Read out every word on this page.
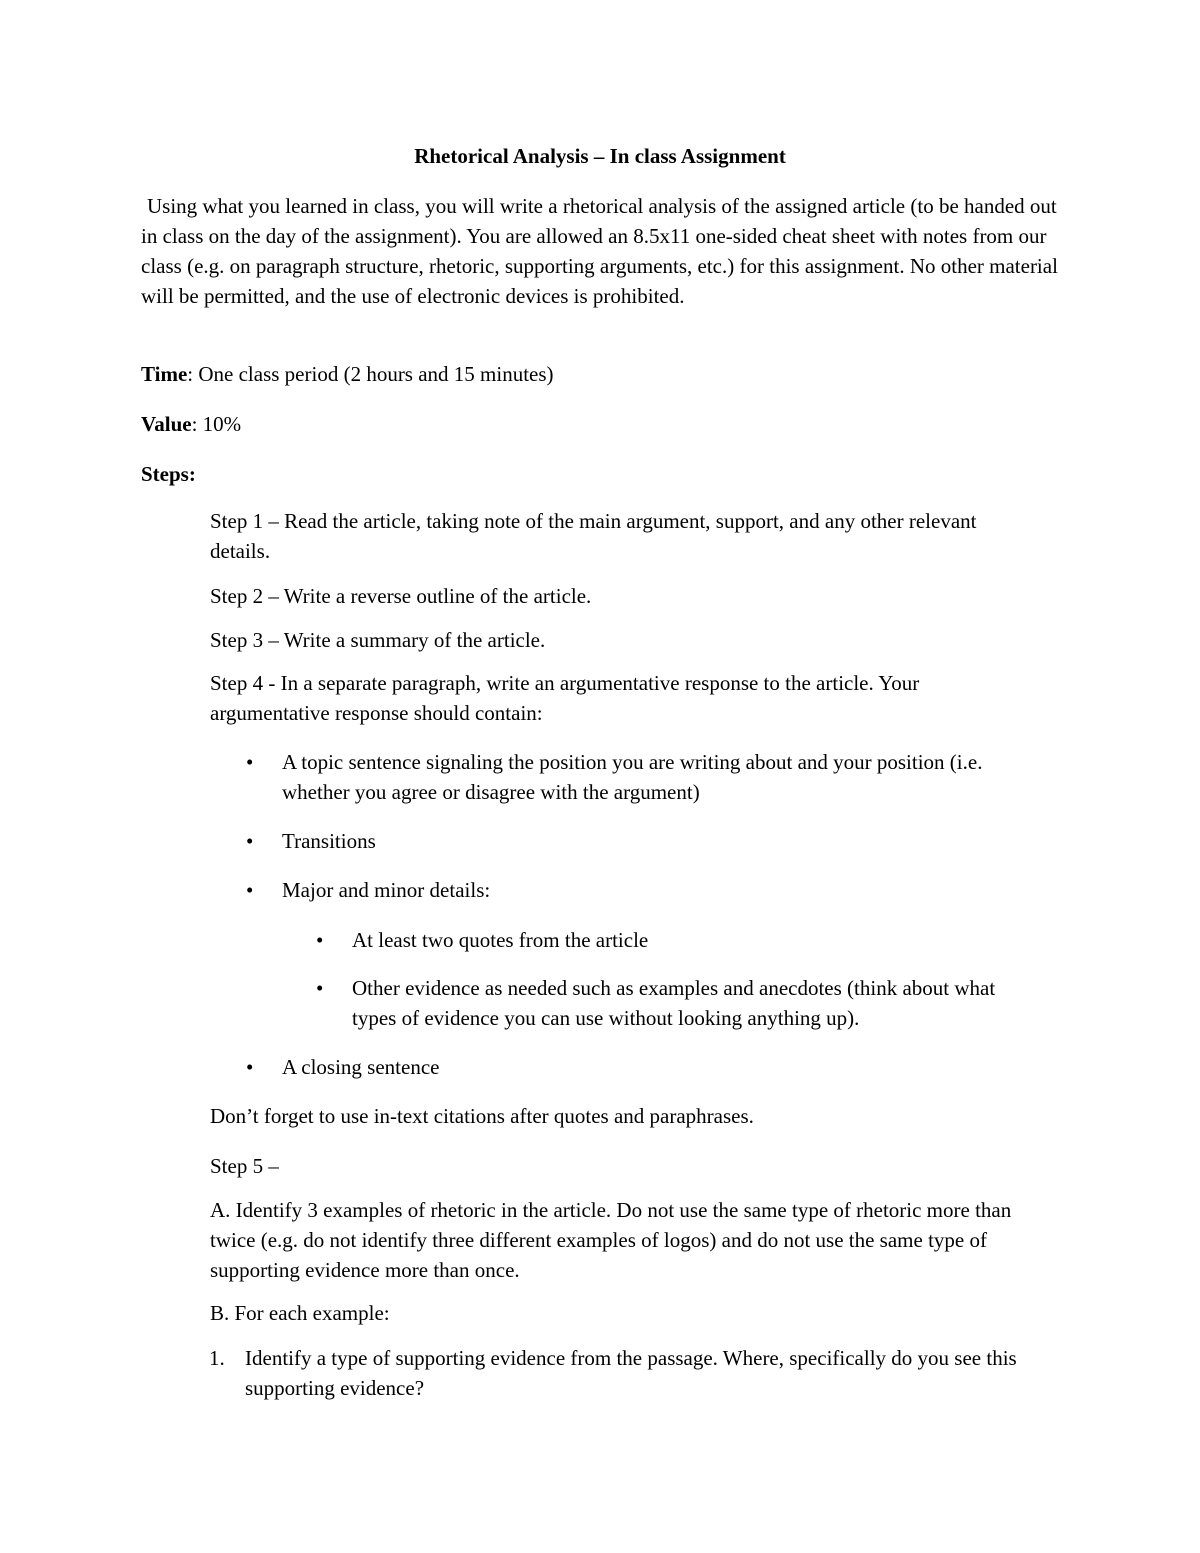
Rhetorical Analysis – In class Assignment
Using what you learned in class, you will write a rhetorical analysis of the assigned article (to be handed out in class on the day of the assignment). You are allowed an 8.5x11 one-sided cheat sheet with notes from our class (e.g. on paragraph structure, rhetoric, supporting arguments, etc.) for this assignment. No other material will be permitted, and the use of electronic devices is prohibited.
Time: One class period (2 hours and 15 minutes)
Value: 10%
Steps:
Step 1 – Read the article, taking note of the main argument, support, and any other relevant details.
Step 2 – Write a reverse outline of the article.
Step 3 – Write a summary of the article.
Step 4 - In a separate paragraph, write an argumentative response to the article. Your argumentative response should contain:
• A topic sentence signaling the position you are writing about and your position (i.e. whether you agree or disagree with the argument)
• Transitions
• Major and minor details:
• At least two quotes from the article
• Other evidence as needed such as examples and anecdotes (think about what types of evidence you can use without looking anything up).
• A closing sentence
Don’t forget to use in-text citations after quotes and paraphrases.
Step 5 –
A. Identify 3 examples of rhetoric in the article. Do not use the same type of rhetoric more than twice (e.g. do not identify three different examples of logos) and do not use the same type of supporting evidence more than once.
B. For each example:
1. Identify a type of supporting evidence from the passage. Where, specifically do you see this supporting evidence?
